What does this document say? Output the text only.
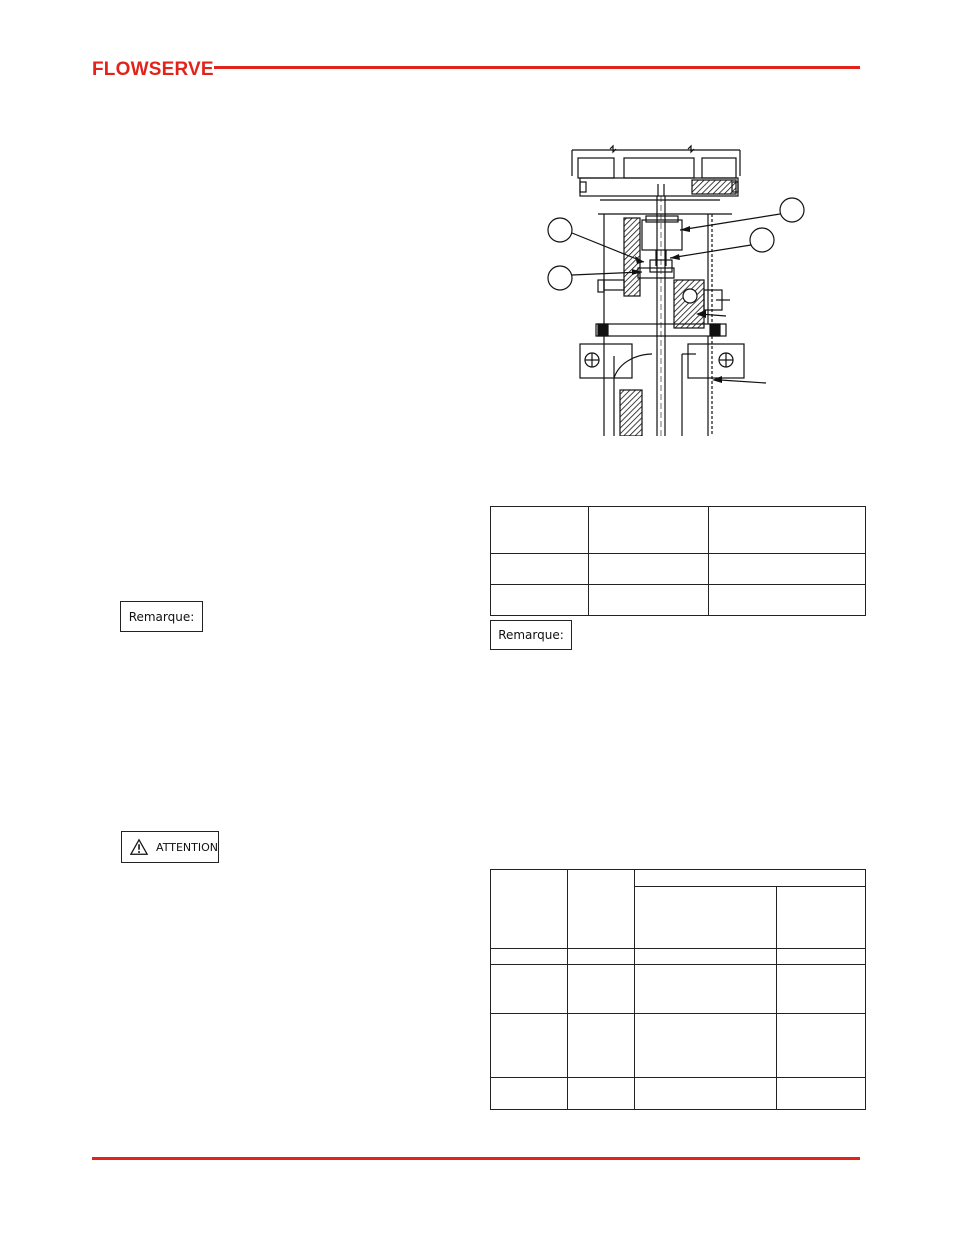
FLOWSERVE
Remarque:
Remarque:
ATTENTION
